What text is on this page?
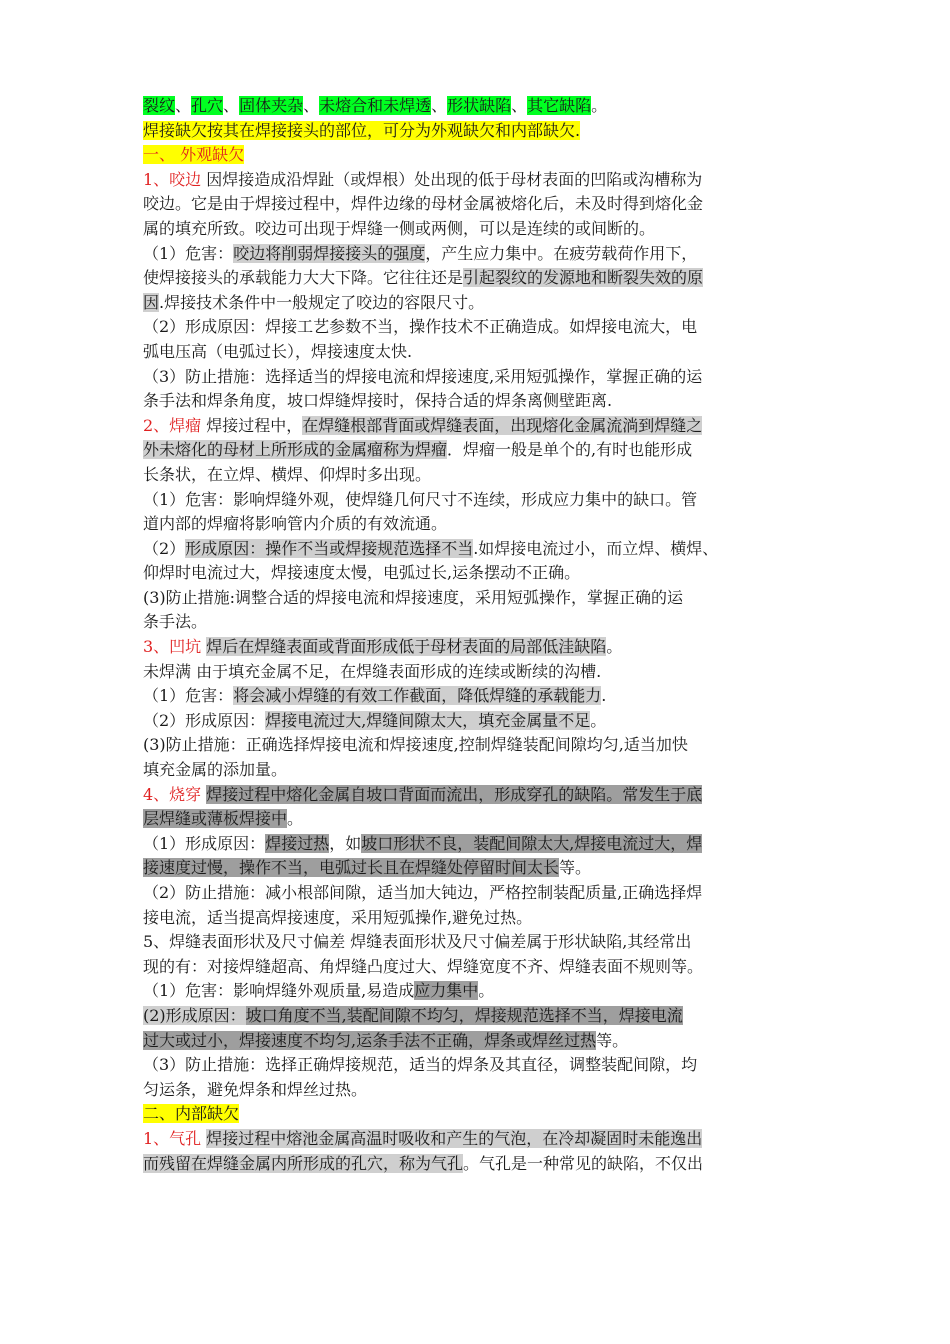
裂纹、孔穴、固体夹杂、未熔合和未焊透、形状缺陷、其它缺陷。
焊接缺欠按其在焊接接头的部位，可分为外观缺欠和内部缺欠.
一、 外观缺欠
1、咬边 因焊接造成沿焊趾（或焊根）处出现的低于母材表面的凹陷或沟槽称为
咬边。它是由于焊接过程中，焊件边缘的母材金属被熔化后，未及时得到熔化金
属的填充所致。咬边可出现于焊缝一侧或两侧，可以是连续的或间断的。
（1）危害：咬边将削弱焊接接头的强度，产生应力集中。在疲劳载荷作用下，
使焊接接头的承载能力大大下降。它往往还是引起裂纹的发源地和断裂失效的原
因.焊接技术条件中一般规定了咬边的容限尺寸。
（2）形成原因：焊接工艺参数不当，操作技术不正确造成。如焊接电流大，电
弧电压高（电弧过长），焊接速度太快.
（3）防止措施：选择适当的焊接电流和焊接速度,采用短弧操作，掌握正确的运
条手法和焊条角度，坡口焊缝焊接时，保持合适的焊条离侧壁距离.
2、焊瘤 焊接过程中，在焊缝根部背面或焊缝表面，出现熔化金属流淌到焊缝之
外未熔化的母材上所形成的金属瘤称为焊瘤．焊瘤一般是单个的,有时也能形成
长条状，在立焊、横焊、仰焊时多出现。
（1）危害：影响焊缝外观，使焊缝几何尺寸不连续，形成应力集中的缺口。管
道内部的焊瘤将影响管内介质的有效流通。
（2）形成原因：操作不当或焊接规范选择不当.如焊接电流过小，而立焊、横焊、
仰焊时电流过大，焊接速度太慢，电弧过长,运条摆动不正确。
(3)防止措施:调整合适的焊接电流和焊接速度，采用短弧操作，掌握正确的运
条手法。
3、凹坑 焊后在焊缝表面或背面形成低于母材表面的局部低洼缺陷。
未焊满 由于填充金属不足，在焊缝表面形成的连续或断续的沟槽.
（1）危害：将会减小焊缝的有效工作截面，降低焊缝的承载能力.
（2）形成原因：焊接电流过大,焊缝间隙太大，填充金属量不足。
(3)防止措施：正确选择焊接电流和焊接速度,控制焊缝装配间隙均匀,适当加快
填充金属的添加量。
4、烧穿 焊接过程中熔化金属自坡口背面而流出，形成穿孔的缺陷。常发生于底
层焊缝或薄板焊接中。
（1）形成原因：焊接过热，如坡口形状不良，装配间隙太大,焊接电流过大，焊
接速度过慢，操作不当，电弧过长且在焊缝处停留时间太长等。
（2）防止措施：减小根部间隙，适当加大钝边，严格控制装配质量,正确选择焊
接电流，适当提高焊接速度，采用短弧操作,避免过热。
5、焊缝表面形状及尺寸偏差 焊缝表面形状及尺寸偏差属于形状缺陷,其经常出
现的有：对接焊缝超高、角焊缝凸度过大、焊缝宽度不齐、焊缝表面不规则等。
（1）危害：影响焊缝外观质量,易造成应力集中。
(2)形成原因：坡口角度不当,装配间隙不均匀，焊接规范选择不当，焊接电流
过大或过小，焊接速度不均匀,运条手法不正确，焊条或焊丝过热等。
（3）防止措施：选择正确焊接规范，适当的焊条及其直径，调整装配间隙，均
匀运条，避免焊条和焊丝过热。
二、内部缺欠
1、气孔 焊接过程中熔池金属高温时吸收和产生的气泡，在冷却凝固时未能逸出
而残留在焊缝金属内所形成的孔穴，称为气孔。气孔是一种常见的缺陷，不仅出
